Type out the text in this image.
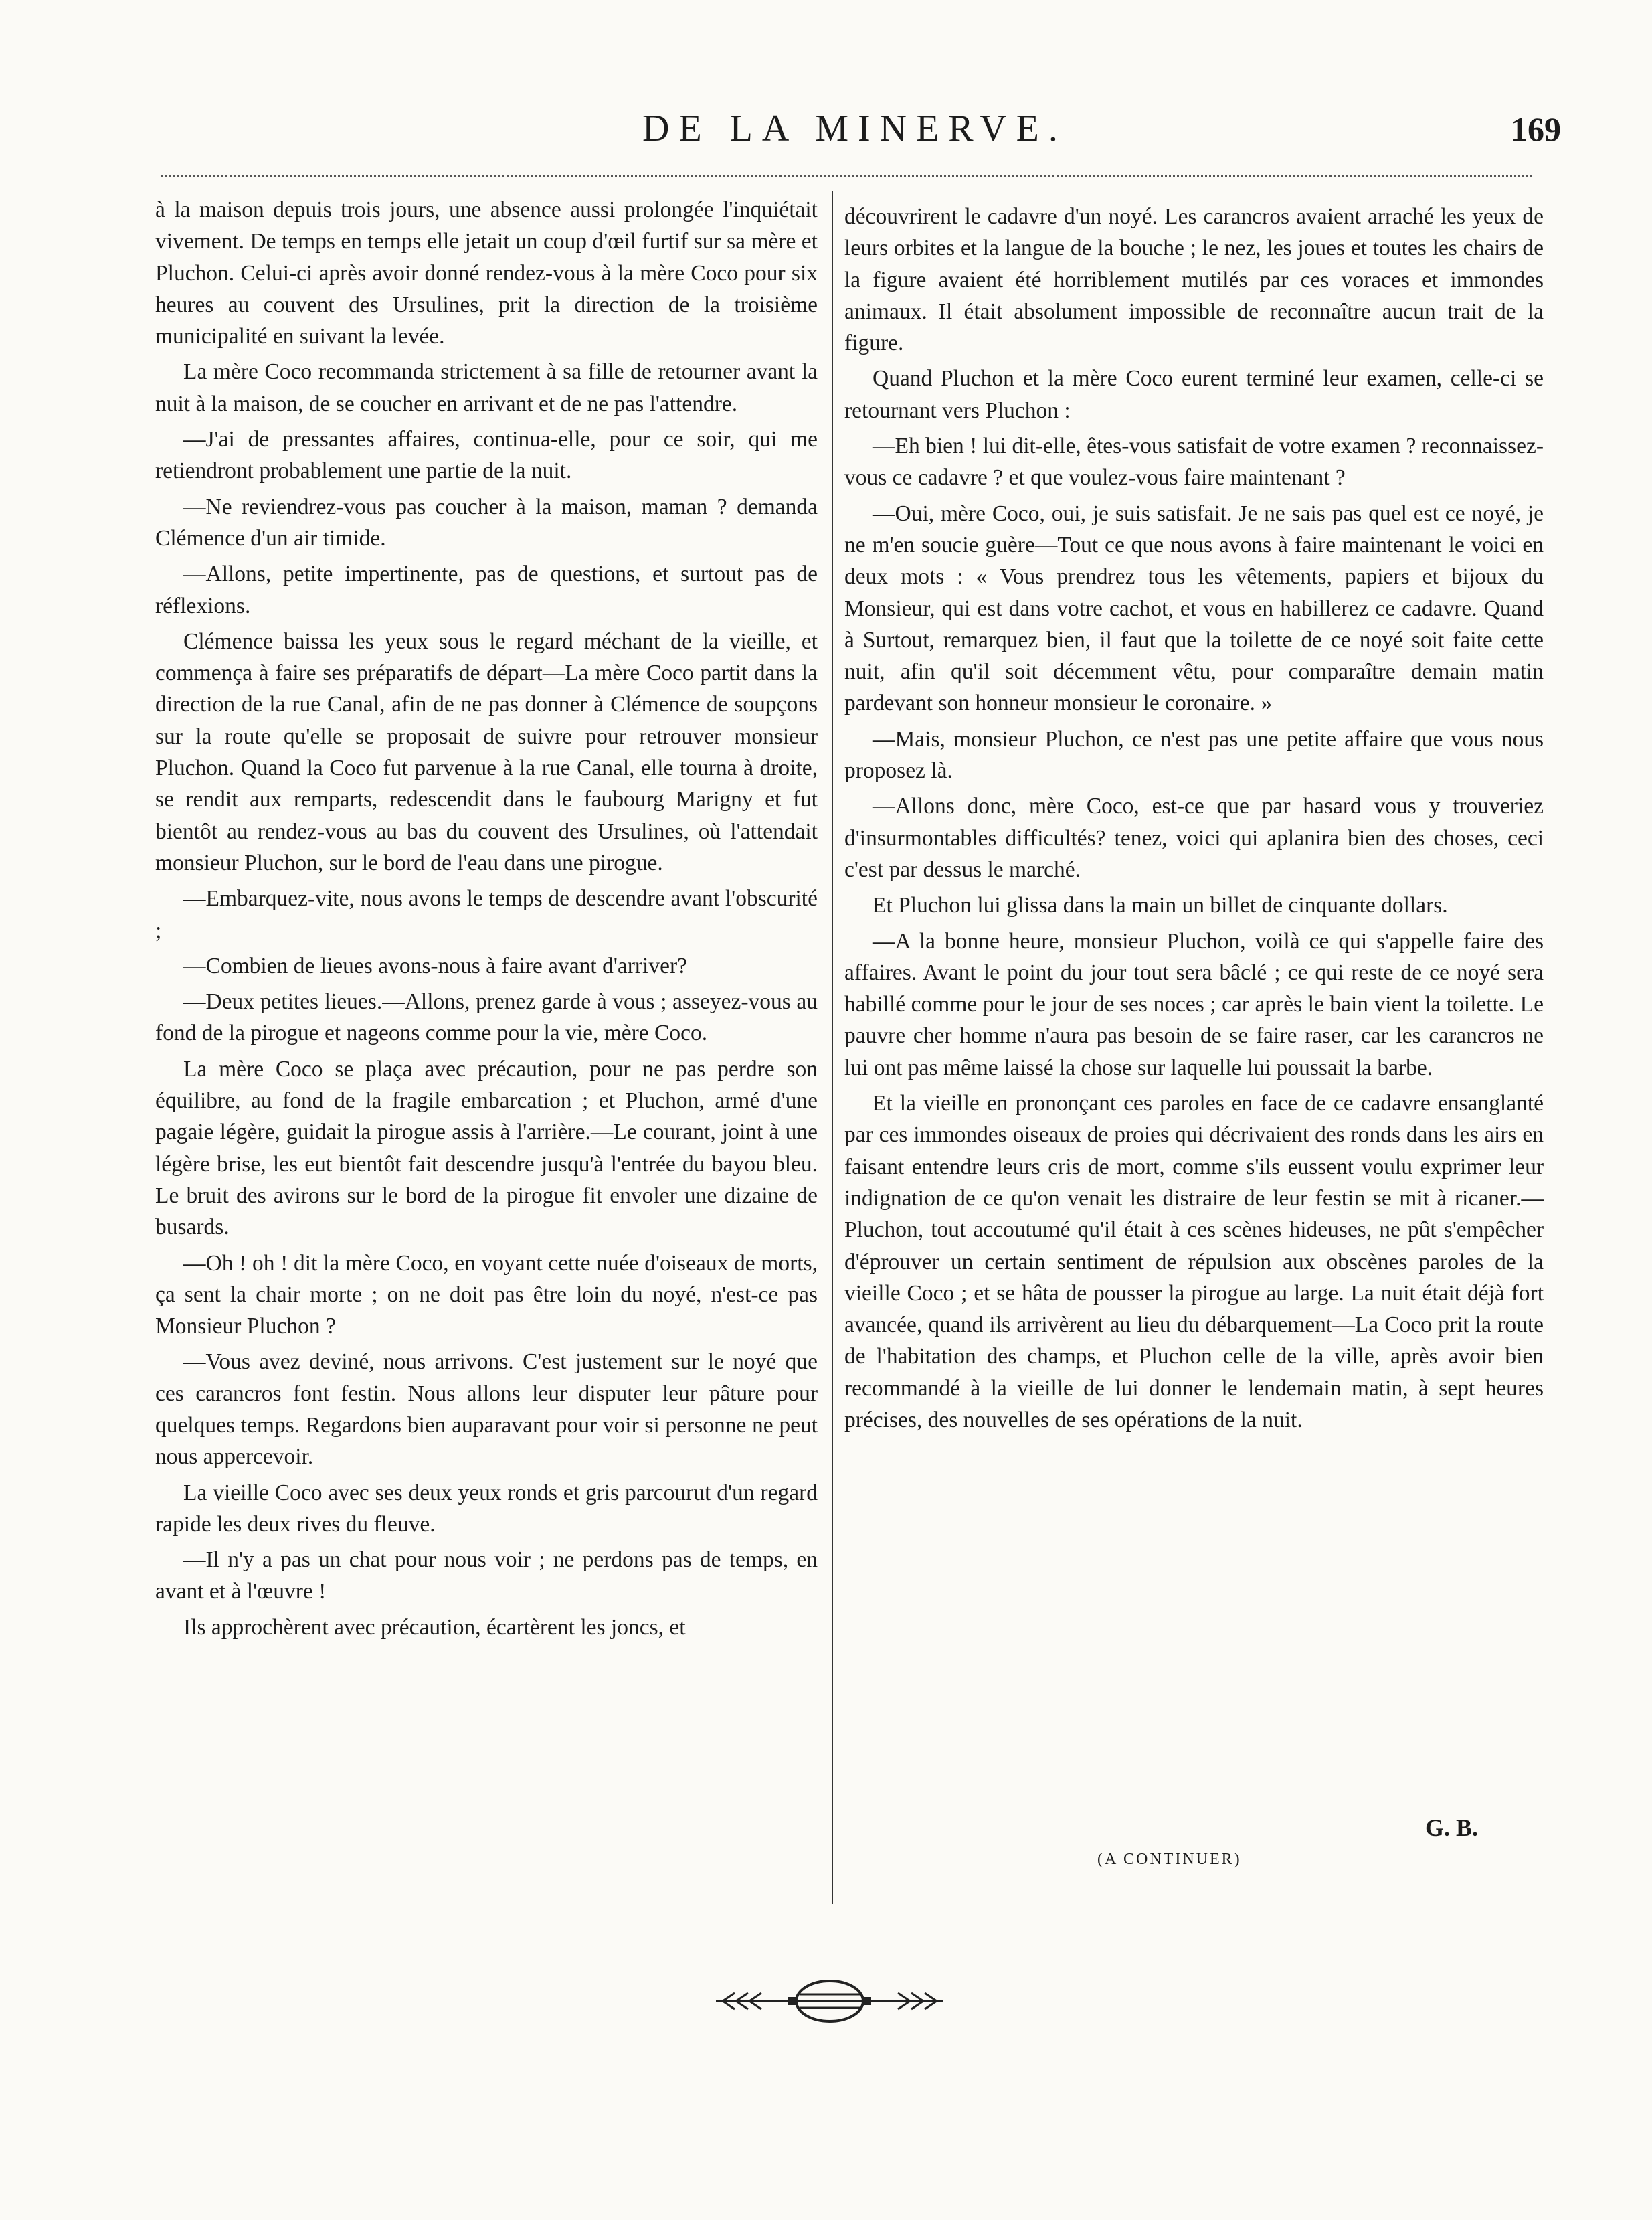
DE LA MINERVE.	169

à la maison depuis trois jours, une absence aussi prolongée l'inquiétait vivement. De temps en temps elle jetait un coup d'œil furtif sur sa mère et Pluchon. Celui-ci après avoir donné rendez-vous à la mère Coco pour six heures au couvent des Ursulines, prit la direction de la troisième municipalité en suivant la levée.

La mère Coco recommanda strictement à sa fille de retourner avant la nuit à la maison, de se coucher en arrivant et de ne pas l'attendre.

—J'ai de pressantes affaires, continua-elle, pour ce soir, qui me retiendront probablement une partie de la nuit.

—Ne reviendrez-vous pas coucher à la maison, maman ? demanda Clémence d'un air timide.

—Allons, petite impertinente, pas de questions, et surtout pas de réflexions.

Clémence baissa les yeux sous le regard méchant de la vieille, et commença à faire ses préparatifs de départ—La mère Coco partit dans la direction de la rue Canal, afin de ne pas donner à Clémence de soupçons sur la route qu'elle se proposait de suivre pour retrouver monsieur Pluchon. Quand la Coco fut parvenue à la rue Canal, elle tourna à droite, se rendit aux remparts, redescendit dans le faubourg Marigny et fut bientôt au rendez-vous au bas du couvent des Ursulines, où l'attendait monsieur Pluchon, sur le bord de l'eau dans une pirogue.

—Embarquez-vite, nous avons le temps de descendre avant l'obscurité ;

—Combien de lieues avons-nous à faire avant d'arriver?

—Deux petites lieues.—Allons, prenez garde à vous ; asseyez-vous au fond de la pirogue et nageons comme pour la vie, mère Coco.

La mère Coco se plaça avec précaution, pour ne pas perdre son équilibre, au fond de la fragile embarcation ; et Pluchon, armé d'une pagaie légère, guidait la pirogue assis à l'arrière.—Le courant, joint à une légère brise, les eut bientôt fait descendre jusqu'à l'entrée du bayou bleu. Le bruit des avirons sur le bord de la pirogue fit envoler une dizaine de busards.

—Oh ! oh ! dit la mère Coco, en voyant cette nuée d'oiseaux de morts, ça sent la chair morte ; on ne doit pas être loin du noyé, n'est-ce pas Monsieur Pluchon ?

—Vous avez deviné, nous arrivons. C'est justement sur le noyé que ces carancros font festin. Nous allons leur disputer leur pâture pour quelques temps. Regardons bien auparavant pour voir si personne ne peut nous appercevoir.

La vieille Coco avec ses deux yeux ronds et gris parcourut d'un regard rapide les deux rives du fleuve.

—Il n'y a pas un chat pour nous voir ; ne perdons pas de temps, en avant et à l'œuvre !

Ils approchèrent avec précaution, écartèrent les joncs, et

découvrirent le cadavre d'un noyé. Les carancros avaient arraché les yeux de leurs orbites et la langue de la bouche ; le nez, les joues et toutes les chairs de la figure avaient été horriblement mutilés par ces voraces et immondes animaux. Il était absolument impossible de reconnaître aucun trait de la figure.

Quand Pluchon et la mère Coco eurent terminé leur examen, celle-ci se retournant vers Pluchon :

—Eh bien ! lui dit-elle, êtes-vous satisfait de votre examen ? reconnaissez-vous ce cadavre ? et que voulez-vous faire maintenant ?

—Oui, mère Coco, oui, je suis satisfait. Je ne sais pas quel est ce noyé, je ne m'en soucie guère—Tout ce que nous avons à faire maintenant le voici en deux mots : « Vous prendrez tous les vêtements, papiers et bijoux du Monsieur, qui est dans votre cachot, et vous en habillerez ce cadavre. Quand à Surtout, remarquez bien, il faut que la toilette de ce noyé soit faite cette nuit, afin qu'il soit décemment vêtu, pour comparaître demain matin pardevant son honneur monsieur le coronaire. »

—Mais, monsieur Pluchon, ce n'est pas une petite affaire que vous nous proposez là.

—Allons donc, mère Coco, est-ce que par hasard vous y trouveriez d'insurmontables difficultés? tenez, voici qui aplanira bien des choses, ceci c'est par dessus le marché.

Et Pluchon lui glissa dans la main un billet de cinquante dollars.

—A la bonne heure, monsieur Pluchon, voilà ce qui s'appelle faire des affaires. Avant le point du jour tout sera bâclé ; ce qui reste de ce noyé sera habillé comme pour le jour de ses noces ; car après le bain vient la toilette. Le pauvre cher homme n'aura pas besoin de se faire raser, car les carancros ne lui ont pas même laissé la chose sur laquelle lui poussait la barbe.

Et la vieille en prononçant ces paroles en face de ce cadavre ensanglanté par ces immondes oiseaux de proies qui décrivaient des ronds dans les airs en faisant entendre leurs cris de mort, comme s'ils eussent voulu exprimer leur indignation de ce qu'on venait les distraire de leur festin se mit à ricaner.—Pluchon, tout accoutumé qu'il était à ces scènes hideuses, ne pût s'empêcher d'éprouver un certain sentiment de répulsion aux obscènes paroles de la vieille Coco ; et se hâta de pousser la pirogue au large. La nuit était déjà fort avancée, quand ils arrivèrent au lieu du débarquement—La Coco prit la route de l'habitation des champs, et Pluchon celle de la ville, après avoir bien recommandé à la vieille de lui donner le lendemain matin, à sept heures précises, des nouvelles de ses opérations de la nuit.

G. B.
(A CONTINUER)
